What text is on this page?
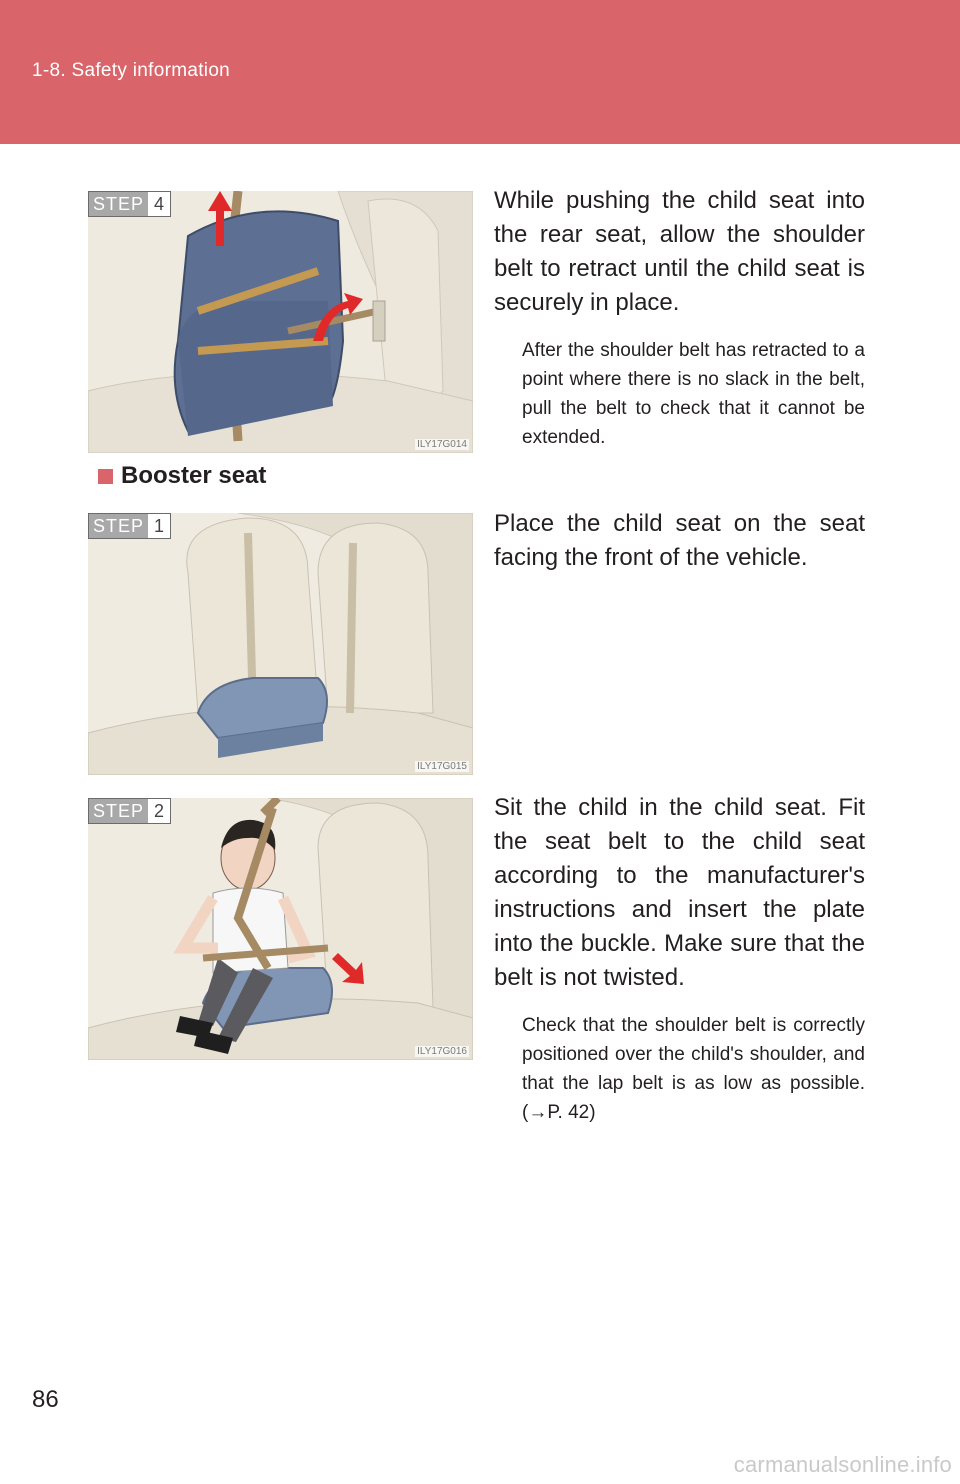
1-8. Safety information
STEP 4
ILY17G014

While pushing the child seat into the rear seat, allow the shoulder belt to retract until the child seat is securely in place.

After the shoulder belt has retracted to a point where there is no slack in the belt, pull the belt to check that it cannot be extended.

Booster seat
STEP 1
ILY17G015

Place the child seat on the seat facing the front of the vehicle.

STEP 2
ILY17G016

Sit the child in the child seat. Fit the seat belt to the child seat according to the manufacturer's instructions and insert the plate into the buckle. Make sure that the belt is not twisted.

Check that the shoulder belt is correctly positioned over the child's shoulder, and that the lap belt is as low as possible. (→P. 42)

86
carmanualsonline.info
